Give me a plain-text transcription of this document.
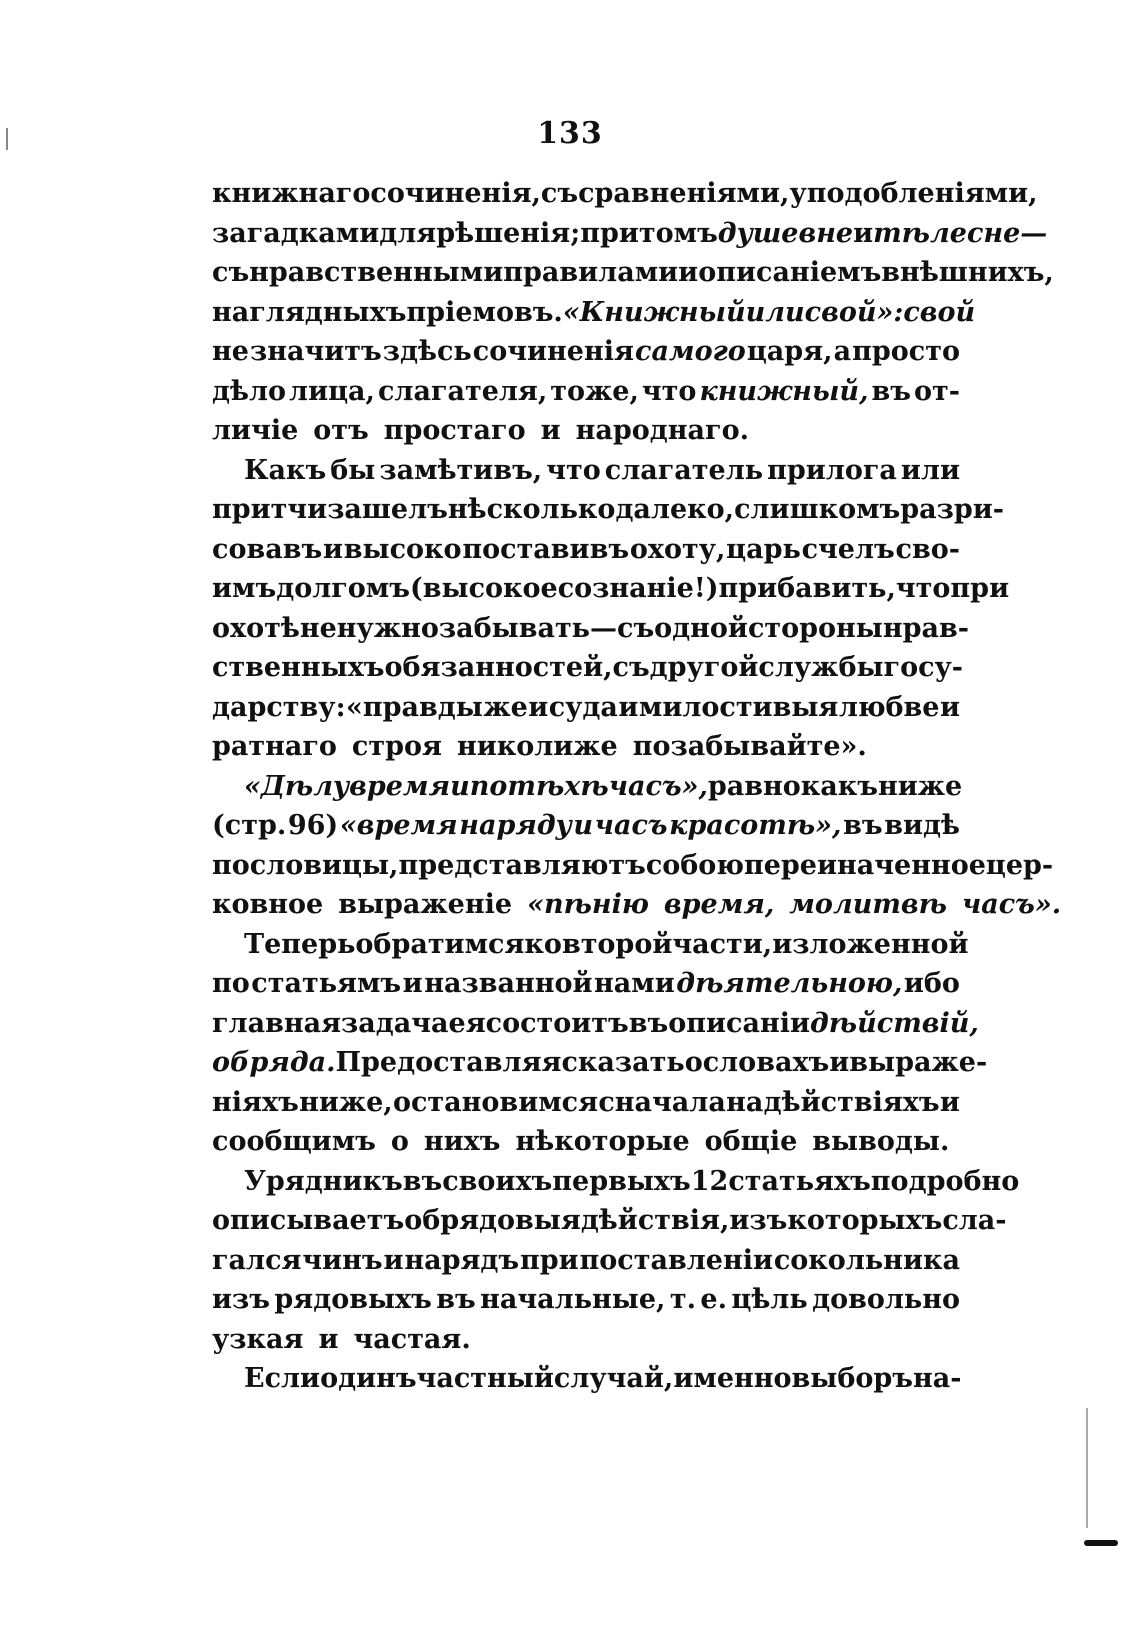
133
книжнаго сочиненія, съ сравненіями, уподобленіями,
загадками для рѣшенія; притомъ душевне и тѣлесне—
съ нравственными правилами и описаніемъ внѣшнихъ,
наглядныхъ пріемовъ. «Книжный или свой»: свой
не значитъ здѣсь сочиненія самого царя, а просто
дѣло лица, слагателя, тоже, что книжный, въ от-
личіе отъ простаго и народнаго.
Какъ бы замѣтивъ, что слагатель прилога или
притчи зашелъ нѣсколько далеко, слишкомъ разри-
совавъ и высоко поставивъ охоту, царь счелъ сво-
имъ долгомъ (высокое сознаніе!) прибавить, что при
охотѣ не нужно забывать—съ одной стороны нрав-
ственныхъ обязанностей, съ другой службы госу-
дарству: «правды же и суда и милостивыя любве и
ратнаго строя николиже позабывайте».
«Дѣлу время и потѣхѣ часъ», равно какъ ниже
(стр. 96) «время наряду и часъ красотѣ», въ видѣ
пословицы, представляютъ собою переиначенное цер-
ковное выраженіе «пѣнію время, молитвѣ часъ».
Теперь обратимся ко второй части, изложенной
по статьямъ и названной нами дѣятельною, ибо
главная задача ея состоитъ въ описаніи дѣйствій,
обряда. Предоставляя сказать о словахъ и выраже-
ніяхъ ниже, остановимся сначала на дѣйствіяхъ и
сообщимъ о нихъ нѣкоторые общіе выводы.
Урядникъ въ своихъ первыхъ 12 статьяхъ подробно
описываетъ обрядовыя дѣйствія, изъ которыхъ сла-
гался чинъ и нарядъ при поставленіи сокольника
изъ рядовыхъ въ начальные, т. е. цѣль довольно
узкая и частая.
Если одинъ частный случай, именно выборъ на-
